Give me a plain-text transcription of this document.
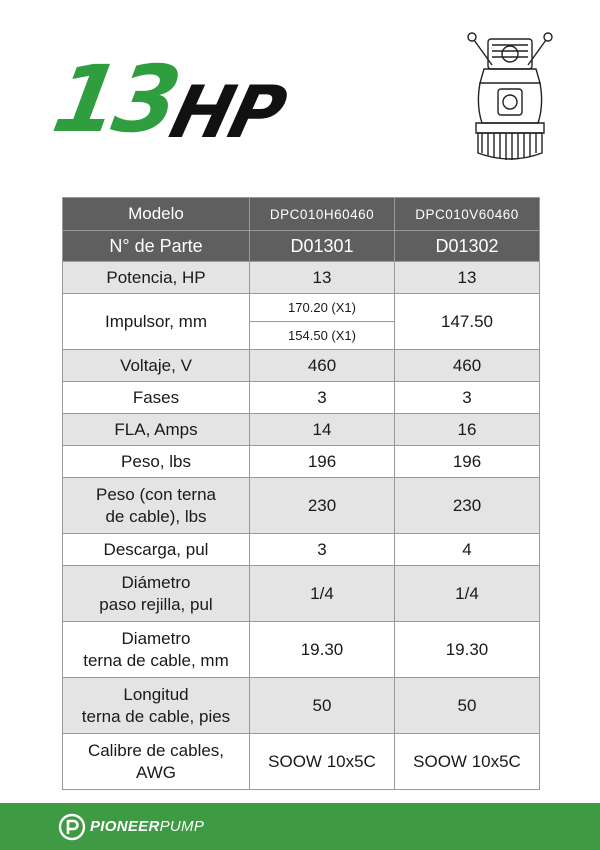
13
HP
Modelo	DPC010H60460	DPC010V60460
N° de Parte	D01301	D01302
Potencia, HP	13	13
Impulsor, mm	170.20 (X1)	147.50
	154.50 (X1)	
Voltaje, V	460	460
Fases	3	3
FLA, Amps	14	16
Peso, lbs	196	196
Peso (con terna
de cable), lbs	230	230
Descarga, pul	3	4
Diámetro
paso rejilla, pul	1/4	1/4
Diametro
terna de cable, mm	19.30	19.30
Longitud
terna de cable, pies	50	50
Calibre de cables,
AWG	SOOW 10x5C	SOOW 10x5C
PIONEERPUMP
